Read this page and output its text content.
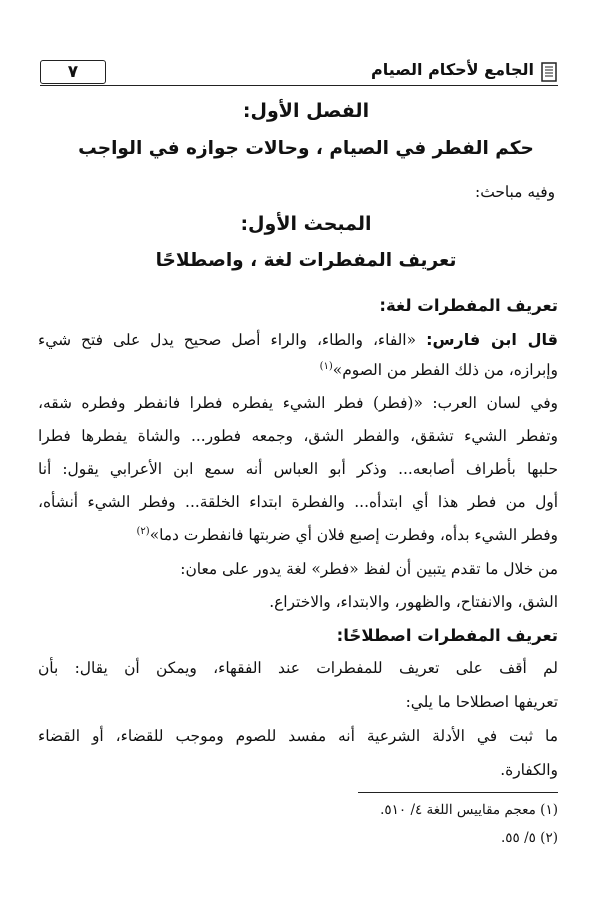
الجامع لأحكام الصيام
٧
الفصل الأول:
حكم الفطر في الصيام ، وحالات جوازه في الواجب
وفيه مباحث:
المبحث الأول:
تعريف المفطرات لغة ، واصطلاحًا
تعريف المفطرات لغة:
قال ابن فارس: «الفاء، والطاء، والراء أصل صحيح يدل على فتح شيء
وإبرازه، من ذلك الفطر من الصوم»$^{(١)}$
وفي لسان العرب: «(فطر) فطر الشيء يفطره فطرا فانفطر وفطره شقه،
وتفطر الشيء تشقق، والفطر الشق، وجمعه فطور... والشاة يفطرها فطرا
حلبها بأطراف أصابعه... وذكر أبو العباس أنه سمع ابن الأعرابي يقول: أنا
أول من فطر هذا أي ابتدأه... والفطرة ابتداء الخلقة... وفطر الشيء أنشأه،
وفطر الشيء بدأه، وفطرت إصبع فلان أي ضربتها فانفطرت دما»$^{(٢)}$
من خلال ما تقدم يتبين أن لفظ «فطر» لغة يدور على معان:
الشق، والانفتاح، والظهور، والابتداء، والاختراع.
تعريف المفطرات اصطلاحًا:
لم أقف على تعريف للمفطرات عند الفقهاء، ويمكن أن يقال: بأن
تعريفها اصطلاحا ما يلي:
ما ثبت في الأدلة الشرعية أنه مفسد للصوم وموجب للقضاء، أو القضاء
والكفارة.
(١) معجم مقاييس اللغة ٤/ ٥١٠.
(٢) ٥/ ٥٥.
